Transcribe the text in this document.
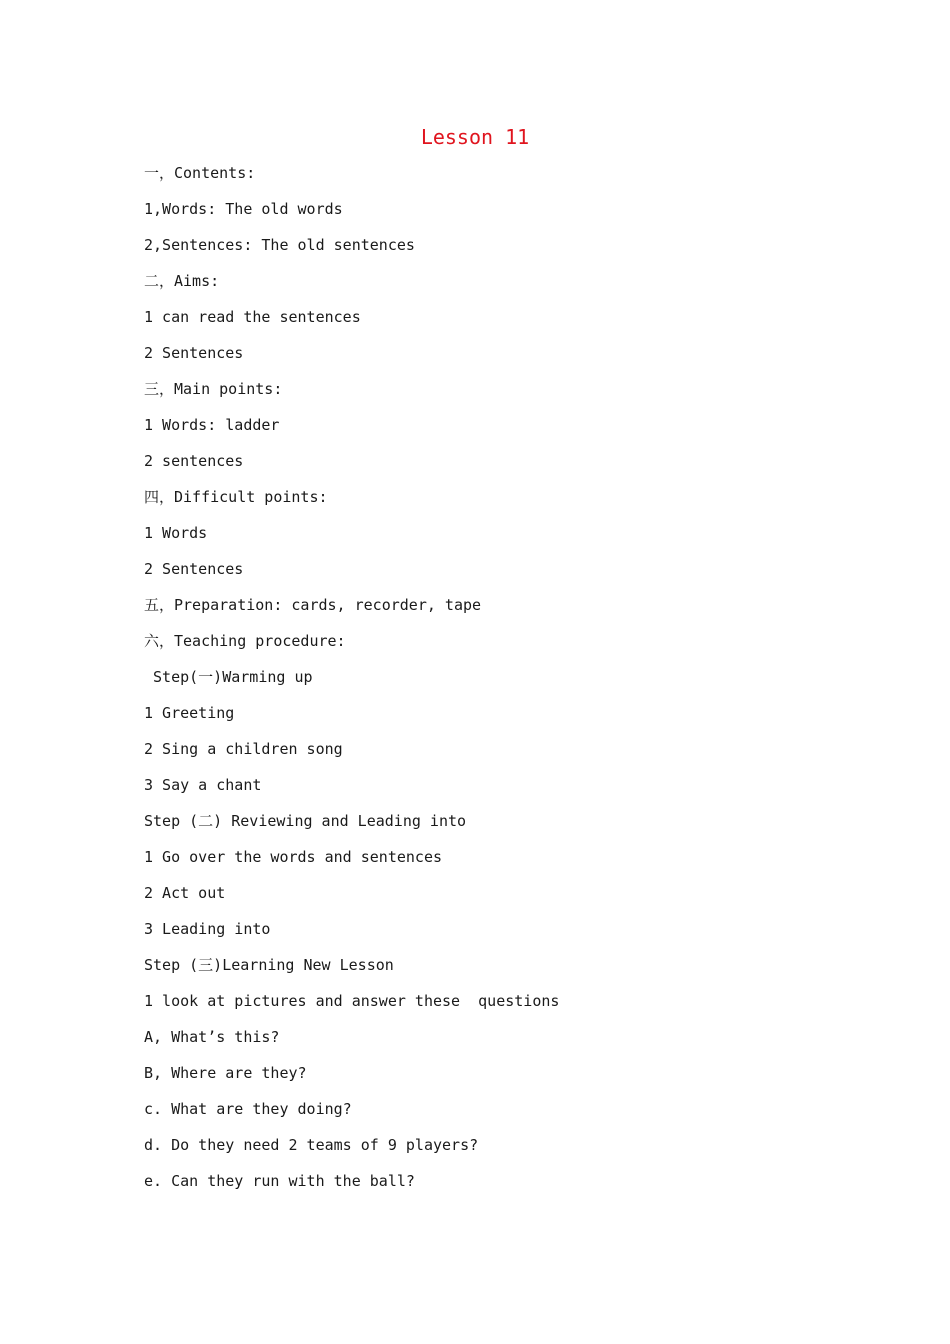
Lesson 11
一，Contents:
1,Words: The old words
2,Sentences: The old sentences
二，Aims:
1 can read the sentences
2 Sentences
三，Main points:
1 Words: ladder
2 sentences
四，Difficult points:
1 Words
2 Sentences
五，Preparation: cards, recorder, tape
六，Teaching procedure:
Step(一)Warming up
1 Greeting
2 Sing a children song
3 Say a chant
Step (二) Reviewing and Leading into
1 Go over the words and sentences
2 Act out
3 Leading into
Step (三)Learning New Lesson
1 look at pictures and answer these  questions
A, What’s this?
B, Where are they?
c. What are they doing?
d. Do they need 2 teams of 9 players?
e. Can they run with the ball?
